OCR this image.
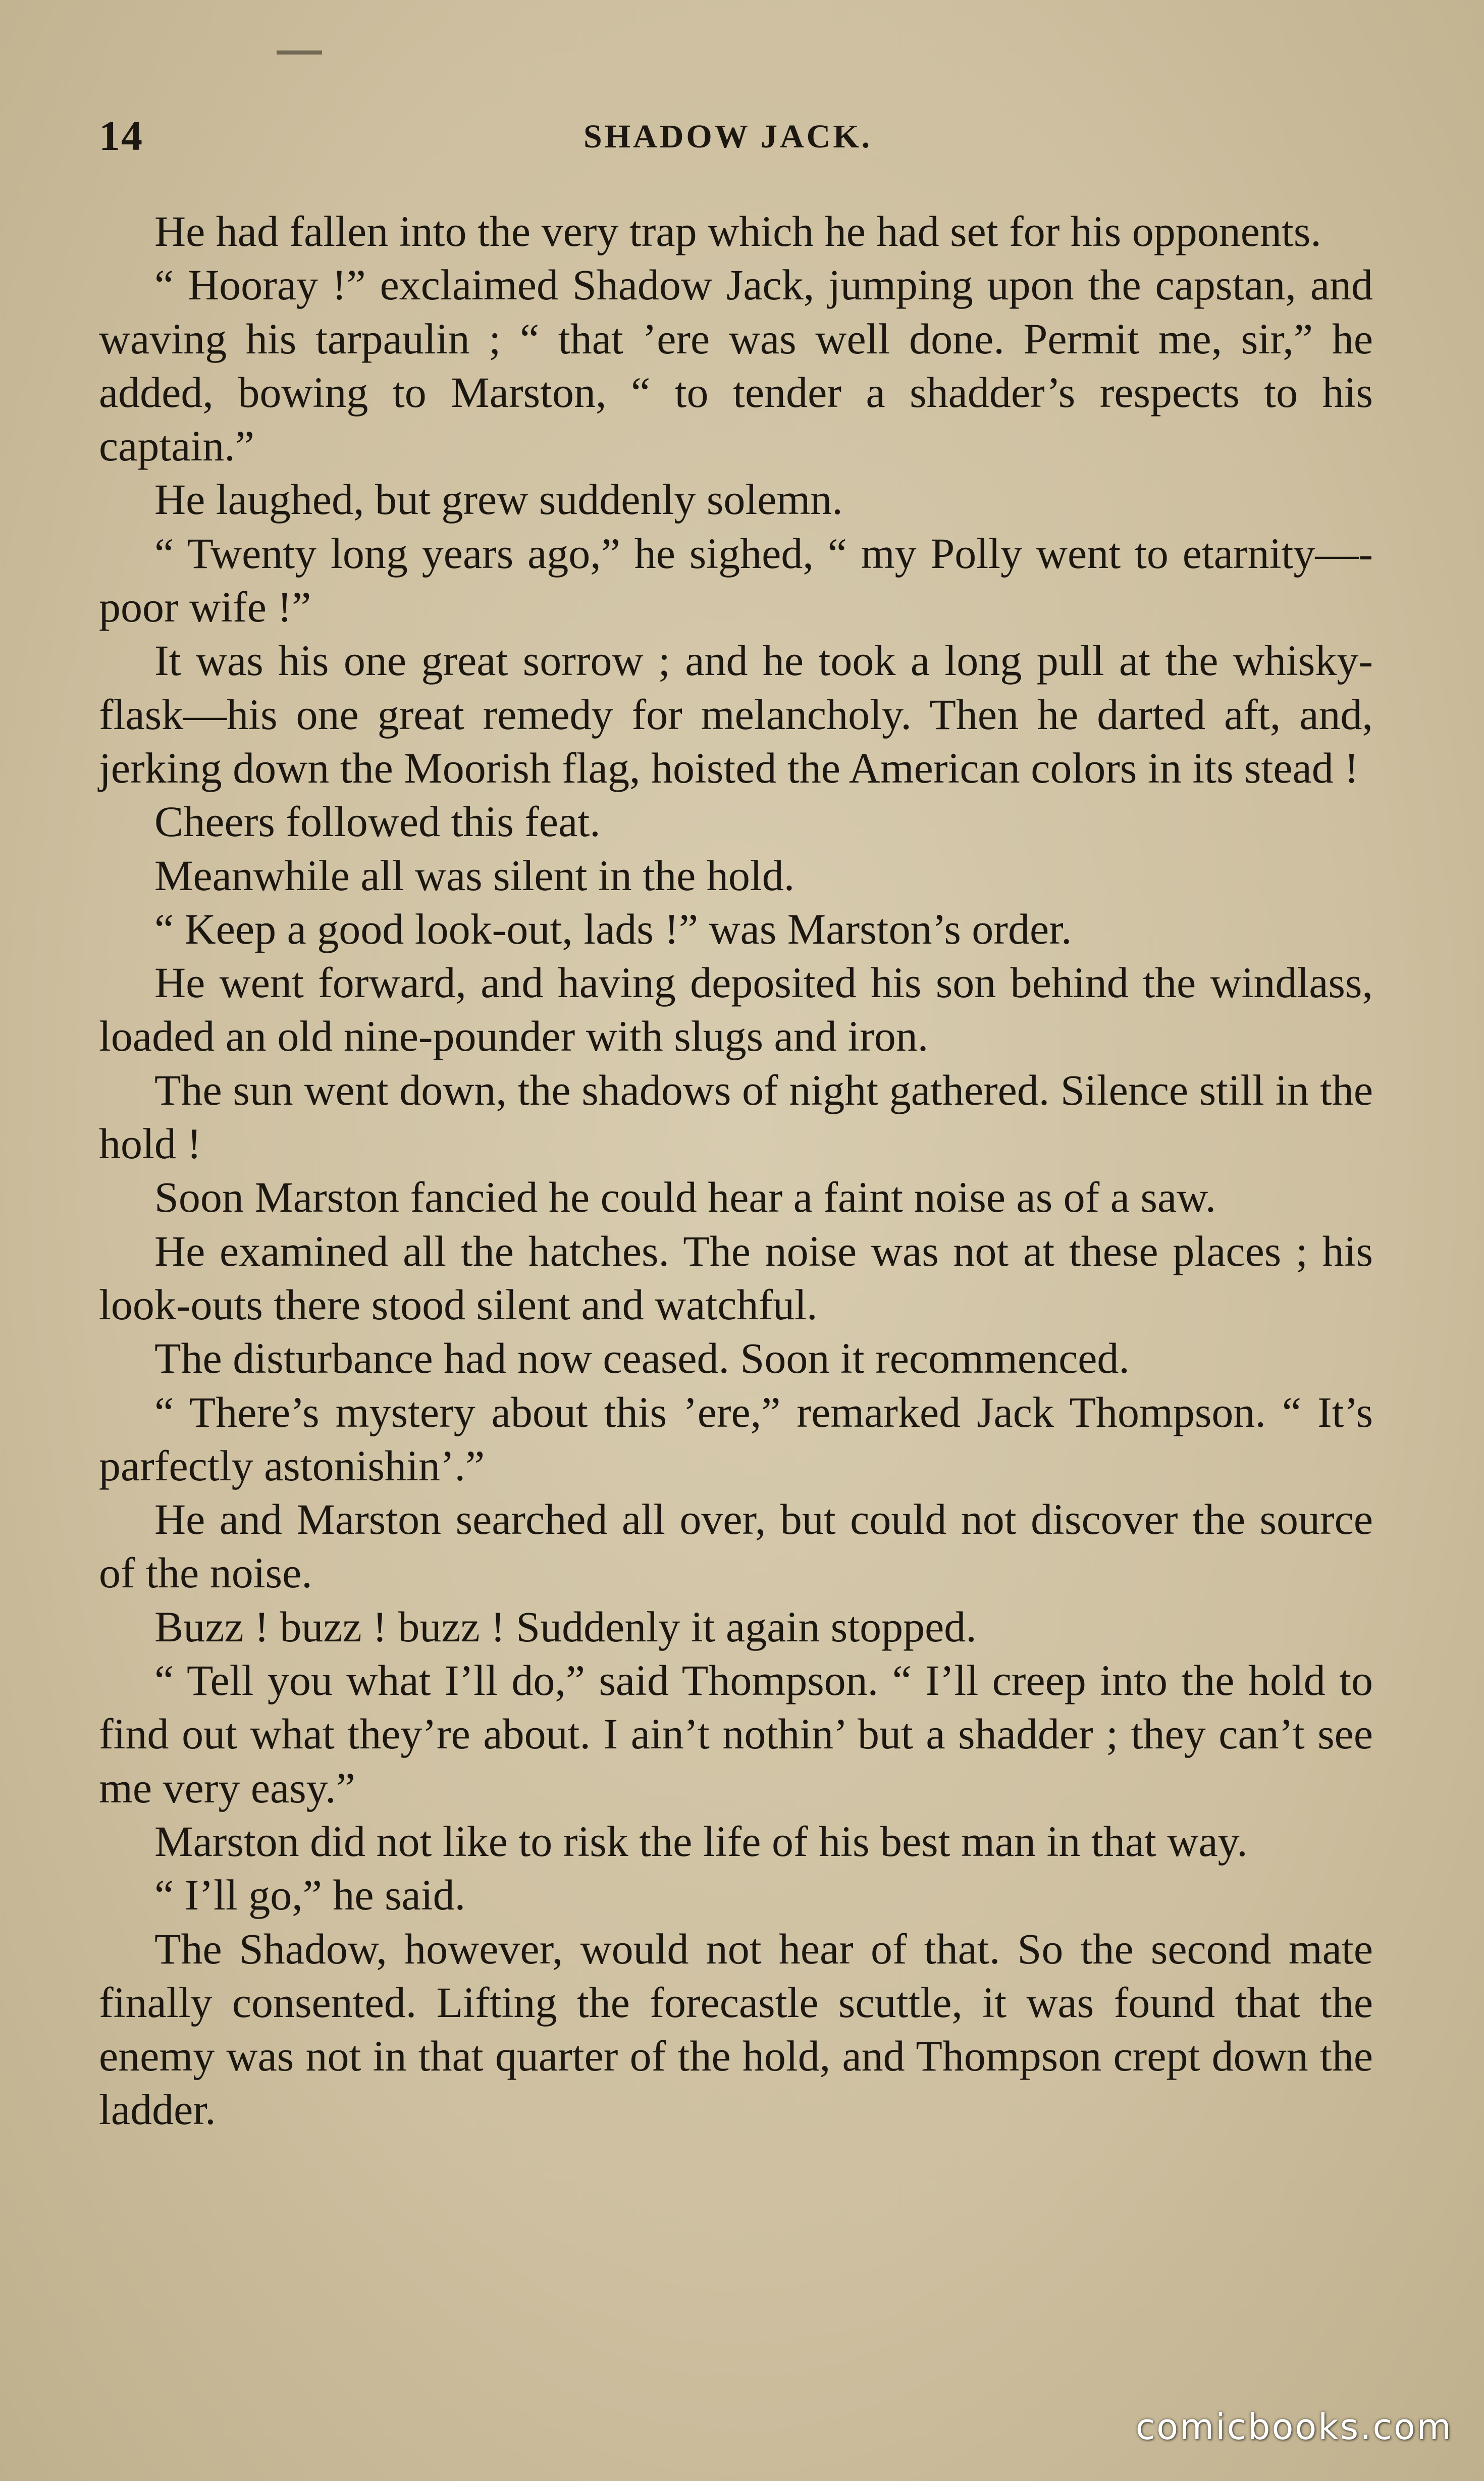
14	SHADOW JACK.

He had fallen into the very trap which he had set for his opponents.

“ Hooray !” exclaimed Shadow Jack, jumping upon the capstan, and waving his tarpaulin ; “ that ’ere was well done. Permit me, sir,” he added, bowing to Marston, “ to tender a shadder’s respects to his captain.”

He laughed, but grew suddenly solemn.

“ Twenty long years ago,” he sighed, “ my Polly went to etarnity—-poor wife !”

It was his one great sorrow ; and he took a long pull at the whisky-flask—his one great remedy for melancholy. Then he darted aft, and, jerking down the Moorish flag, hoisted the American colors in its stead !

Cheers followed this feat.

Meanwhile all was silent in the hold.

“ Keep a good look-out, lads !” was Marston’s order.

He went forward, and having deposited his son behind the windlass, loaded an old nine-pounder with slugs and iron.

The sun went down, the shadows of night gathered. Silence still in the hold !

Soon Marston fancied he could hear a faint noise as of a saw.

He examined all the hatches. The noise was not at these places ; his look-outs there stood silent and watchful.

The disturbance had now ceased. Soon it recommenced.

“ There’s mystery about this ’ere,” remarked Jack Thompson. “ It’s parfectly astonishin’.”

He and Marston searched all over, but could not discover the source of the noise.

Buzz ! buzz ! buzz ! Suddenly it again stopped.

“ Tell you what I’ll do,” said Thompson. “ I’ll creep into the hold to find out what they’re about. I ain’t nothin’ but a shadder ; they can’t see me very easy.”

Marston did not like to risk the life of his best man in that way.

“ I’ll go,” he said.

The Shadow, however, would not hear of that. So the second mate finally consented. Lifting the forecastle scuttle, it was found that the enemy was not in that quarter of the hold, and Thompson crept down the ladder.

comicbooks.com
